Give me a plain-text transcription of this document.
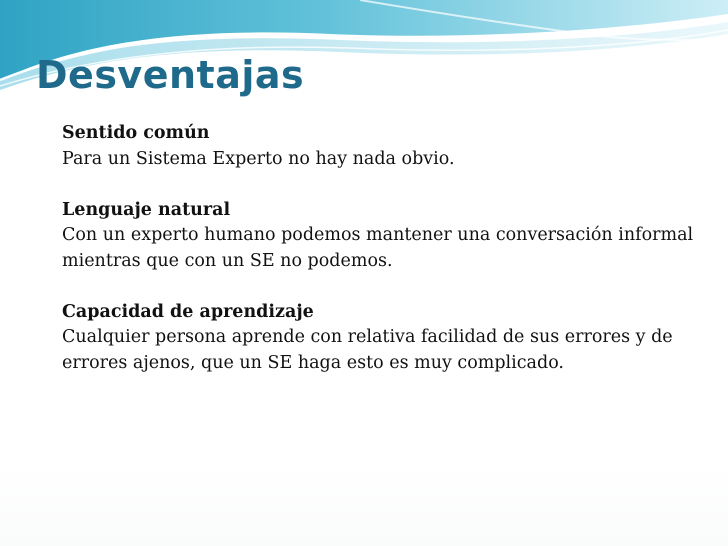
Desventajas
Sentido común
Para un Sistema Experto no hay nada obvio.
Lenguaje natural
Con un experto humano podemos mantener una conversación informal mientras que con un SE no podemos.
Capacidad de aprendizaje
Cualquier persona aprende con relativa facilidad de sus errores y de errores ajenos, que un SE haga esto es muy complicado.
